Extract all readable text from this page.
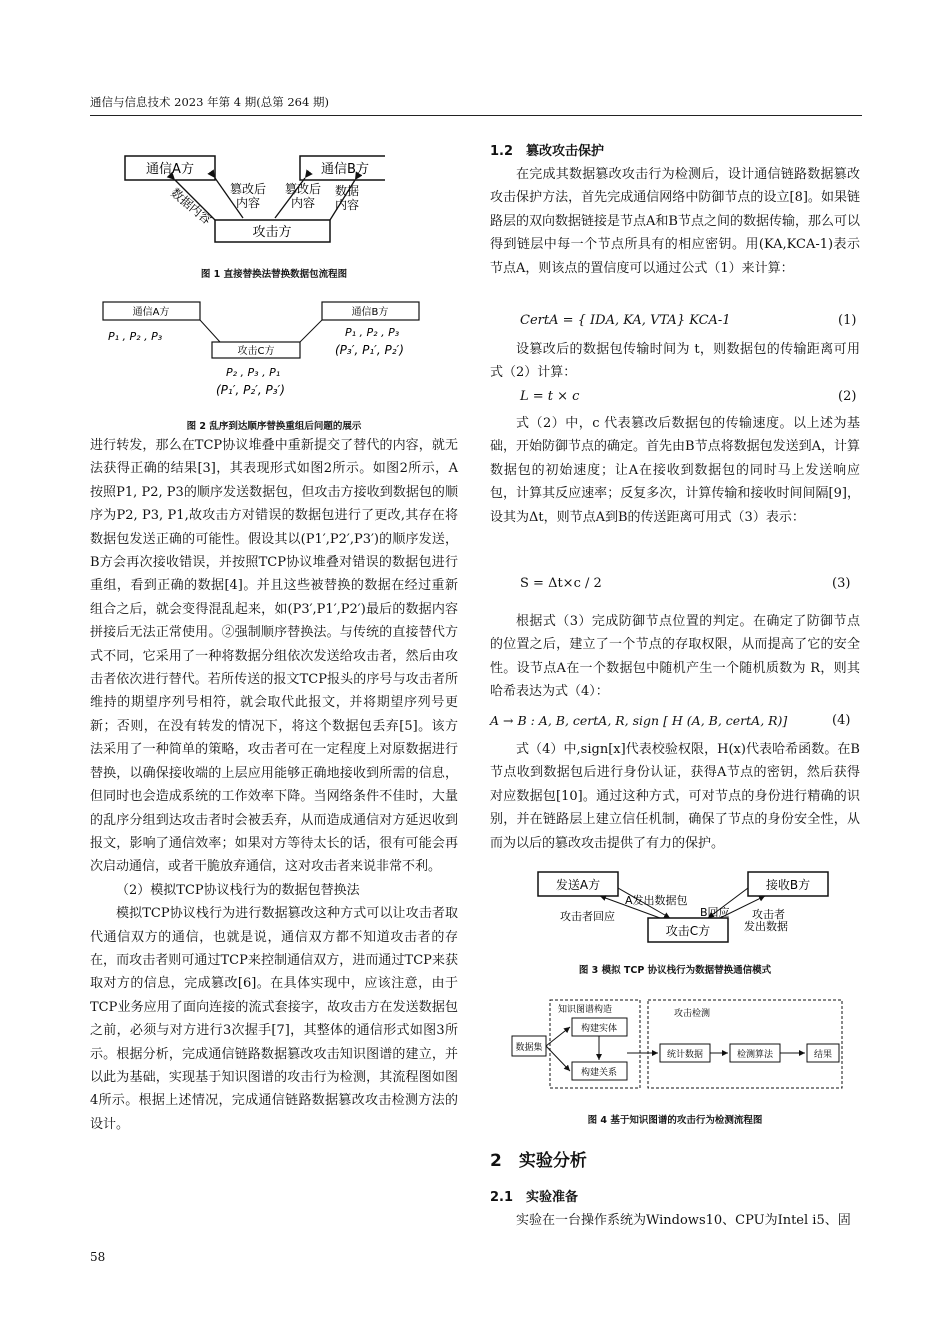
通信与信息技术 2023 年第 4 期(总第 264 期)
通信A方	通信B方
攻击方
篡改后
内容
篡改后
内容
数据
内容
数据内容
图 1 直接替换法替换数据包流程图
通信A方	通信B方
攻击C方
P₁ , P₂ , P₃	P₁ , P₂ , P₃
(P₃′, P₁′, P₂′)
P₂ , P₃ , P₁
(P₁′, P₂′, P₃′)
图 2 乱序到达顺序替换重组后问题的展示

进行转发，那么在TCP协议堆叠中重新提交了替代的内容，就无法获得正确的结果[3]，其表现形式如图2所示。如图2所示，A按照P1, P2, P3的顺序发送数据包，但攻击方接收到数据包的顺序为P2, P3, P1,故攻击方对错误的数据包进行了更改,其存在将数据包发送正确的可能性。假设其以(P1′,P2′,P3′)的顺序发送，B方会再次接收错误，并按照TCP协议堆叠对错误的数据包进行重组，看到正确的数据[4]。并且这些被替换的数据在经过重新组合之后，就会变得混乱起来，如(P3′,P1′,P2′)最后的数据内容拼接后无法正常使用。②强制顺序替换法。与传统的直接替代方式不同，它采用了一种将数据分组依次发送给攻击者，然后由攻击者依次进行替代。若所传送的报文TCP报头的序号与攻击者所维持的期望序列号相符，就会取代此报文，并将期望序列号更新；否则，在没有转发的情况下，将这个数据包丢弃[5]。该方法采用了一种简单的策略，攻击者可在一定程度上对原数据进行替换，以确保接收端的上层应用能够正确地接收到所需的信息，但同时也会造成系统的工作效率下降。当网络条件不佳时，大量的乱序分组到达攻击者时会被丢弃，从而造成通信对方延迟收到报文，影响了通信效率；如果对方等待太长的话，很有可能会再次启动通信，或者干脆放弃通信，这对攻击者来说非常不利。

（2）模拟TCP协议栈行为的数据包替换法

模拟TCP协议栈行为进行数据篡改这种方式可以让攻击者取代通信双方的通信，也就是说，通信双方都不知道攻击者的存在，而攻击者则可通过TCP来控制通信双方，进而通过TCP来获取对方的信息，完成篡改[6]。在具体实现中，应该注意，由于TCP业务应用了面向连接的流式套接字，故攻击方在发送数据包之前，必须与对方进行3次握手[7]，其整体的通信形式如图3所示。根据分析，完成通信链路数据篡改攻击知识图谱的建立，并以此为基础，实现基于知识图谱的攻击行为检测，其流程图如图4所示。根据上述情况，完成通信链路数据篡改攻击检测方法的设计。

1.2　篡改攻击保护

在完成其数据篡改攻击行为检测后，设计通信链路数据篡改攻击保护方法，首先完成通信网络中防御节点的设立[8]。如果链路层的双向数据链接是节点A和B节点之间的数据传输，那么可以得到链层中每一个节点所具有的相应密钥。用(KA,KCA-1)表示节点A，则该点的置信度可以通过公式（1）来计算：

CertA = { IDA, KA, VTA} KCA-1	(1)

设篡改后的数据包传输时间为 t，则数据包的传输距离可用式（2）计算：

L = t × c	(2)

式（2）中，c 代表篡改后数据包的传输速度。以上述为基础，开始防御节点的确定。首先由B节点将数据包发送到A，计算数据包的初始速度；让A在接收到数据包的同时马上发送响应包，计算其反应速率；反复多次，计算传输和接收时间间隔[9]，设其为Δt，则节点A到B的传送距离可用式（3）表示：

S = Δt×c / 2	(3)

根据式（3）完成防御节点位置的判定。在确定了防御节点的位置之后，建立了一个节点的存取权限，从而提高了它的安全性。设节点A在一个数据包中随机产生一个随机质数为 R，则其哈希表达为式（4）：

A → B : A, B, certA, R, sign [ H (A, B, certA, R)]	(4)

式（4）中,sign[x]代表校验权限，H(x)代表哈希函数。在B节点收到数据包后进行身份认证，获得A节点的密钥，然后获得对应数据包[10]。通过这种方式，可对节点的身份进行精确的识别，并在链路层上建立信任机制，确保了节点的身份安全性，从而为以后的篡改攻击提供了有力的保护。

发送A方	接收B方
攻击C方
A发出数据包
攻击者回应	B回应 攻击者
发出数据
图 3 模拟 TCP 协议栈行为数据替换通信模式
数据集
知识图谱构造
构建实体
构建关系
攻击检测
统计数据	检测算法	结果
图 4 基于知识图谱的攻击行为检测流程图
2　实验分析
2.1　实验准备

实验在一台操作系统为Windows10、CPU为Intel i5、固

58
